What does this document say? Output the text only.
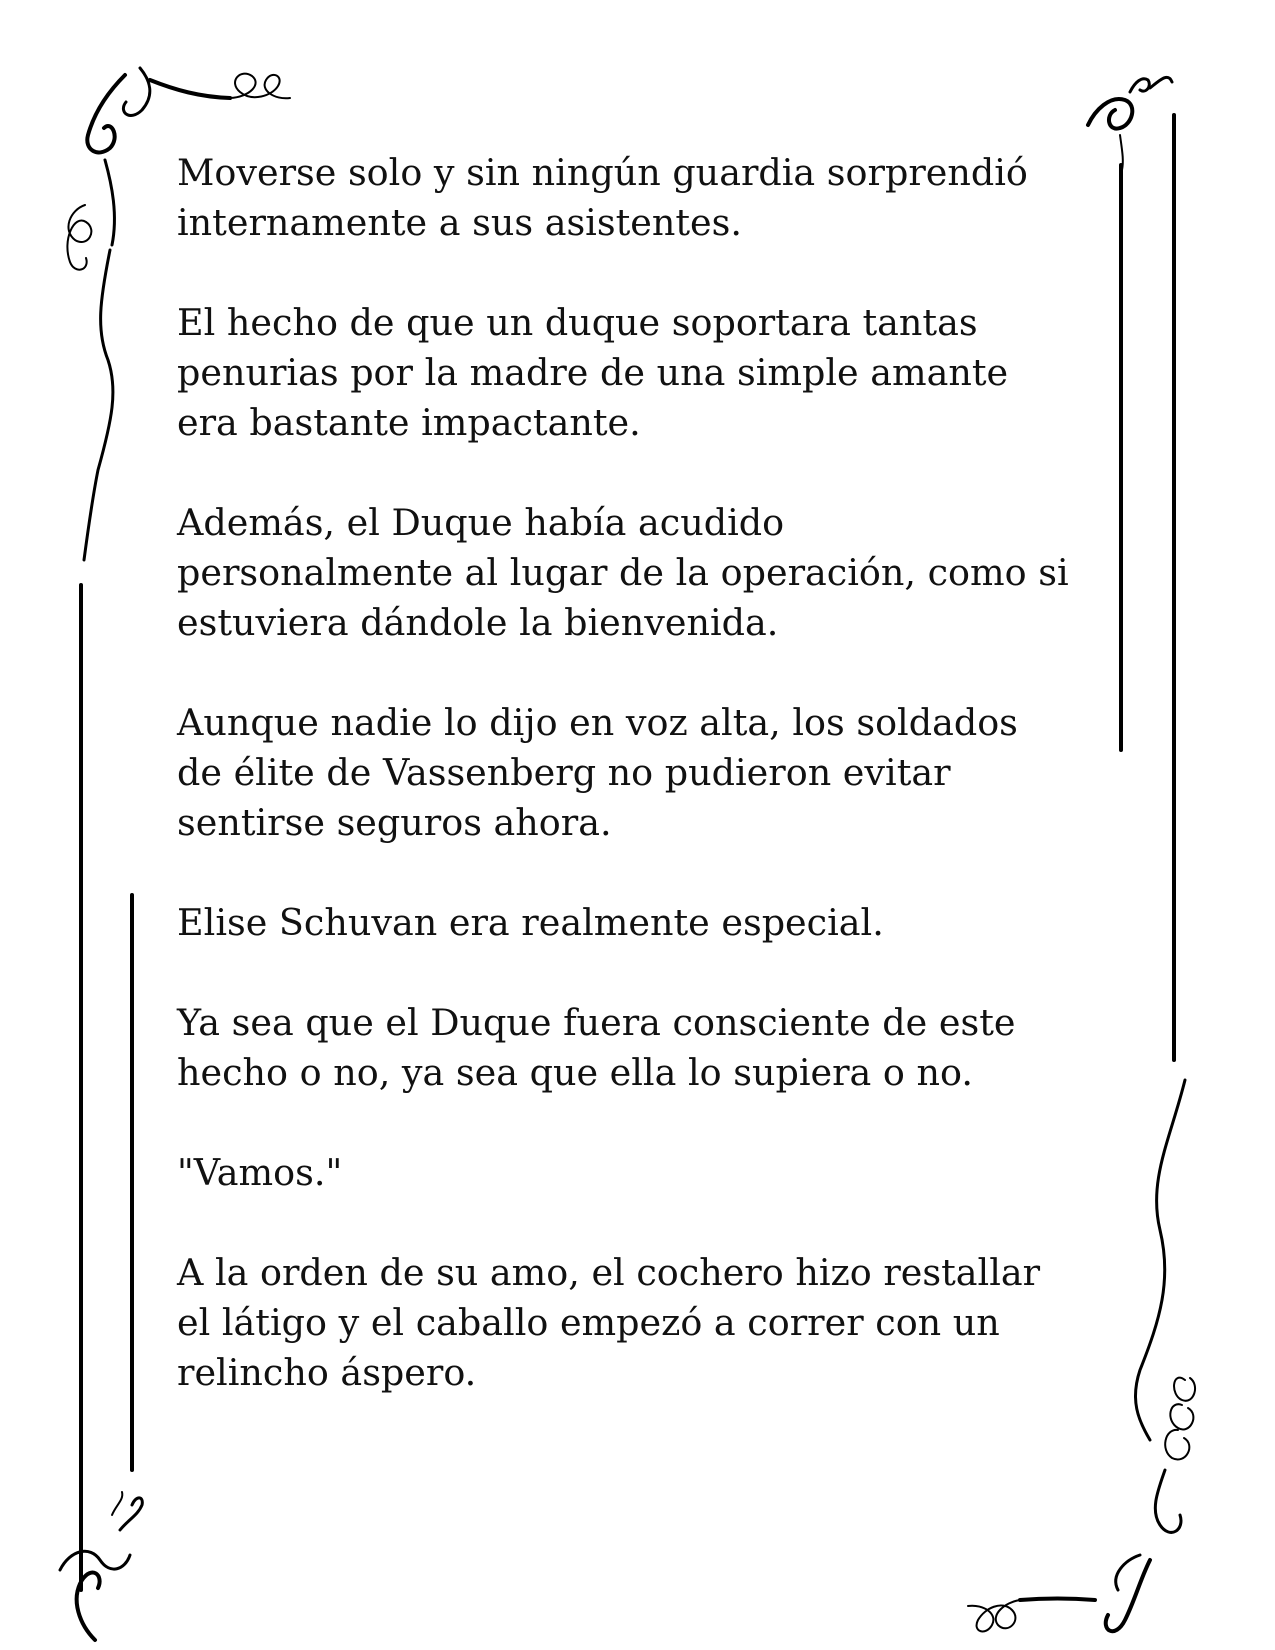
Moverse solo y sin ningún guardia sorprendió
internamente a sus asistentes.

El hecho de que un duque soportara tantas
penurias por la madre de una simple amante
era bastante impactante.

Además, el Duque había acudido
personalmente al lugar de la operación, como si
estuviera dándole la bienvenida.

Aunque nadie lo dijo en voz alta, los soldados
de élite de Vassenberg no pudieron evitar
sentirse seguros ahora.

Elise Schuvan era realmente especial.

Ya sea que el Duque fuera consciente de este
hecho o no, ya sea que ella lo supiera o no.

"Vamos."

A la orden de su amo, el cochero hizo restallar
el látigo y el caballo empezó a correr con un
relincho áspero.
